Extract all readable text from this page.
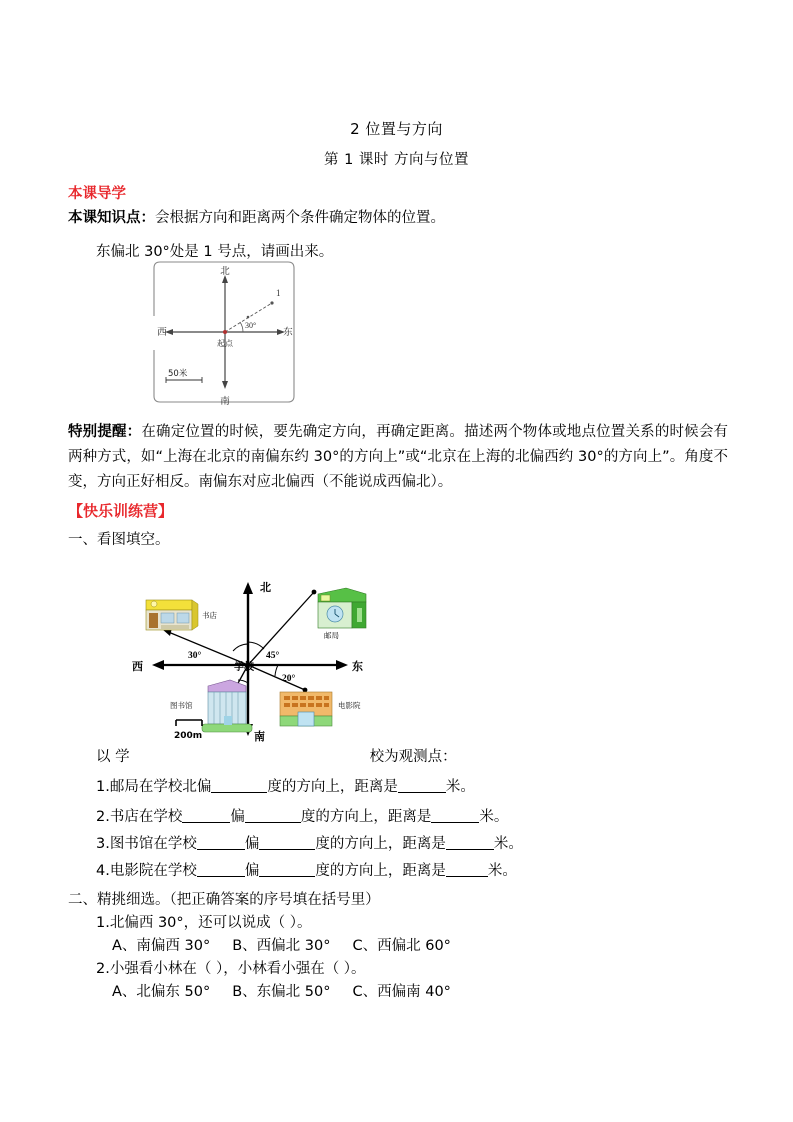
2 位置与方向
第 1 课时 方向与位置
本课导学
本课知识点：会根据方向和距离两个条件确定物体的位置。
东偏北 30°处是 1 号点，请画出来。
北
南
东
西
30°
1
起点
50米
特别提醒：在确定位置的时候，要先确定方向，再确定距离。描述两个物体或地点位置关系的时候会有两种方式，如“上海在北京的南偏东约 30°的方向上”或“北京在上海的北偏西约 30°的方向上”。角度不变，方向正好相反。南偏东对应北偏西（不能说成西偏北）。
【快乐训练营】
一、看图填空。
书店
邮局
图书馆	电影院
200m
北
南
东
西
30°	45°
20°
学校
以 学	校为观测点：
1.邮局在学校北偏	度的方向上，距离是	米。
2.书店在学校	偏	度的方向上，距离是	米。
3.图书馆在学校	偏	度的方向上，距离是	米。
4.电影院在学校	偏	度的方向上，距离是	米。
二、精挑细选。（把正确答案的序号填在括号里）
1.北偏西 30°，还可以说成（ ）。
A、南偏西 30° B、西偏北 30° C、西偏北 60°
2.小强看小林在（ ），小林看小强在（ ）。
A、北偏东 50° B、东偏北 50° C、西偏南 40°
